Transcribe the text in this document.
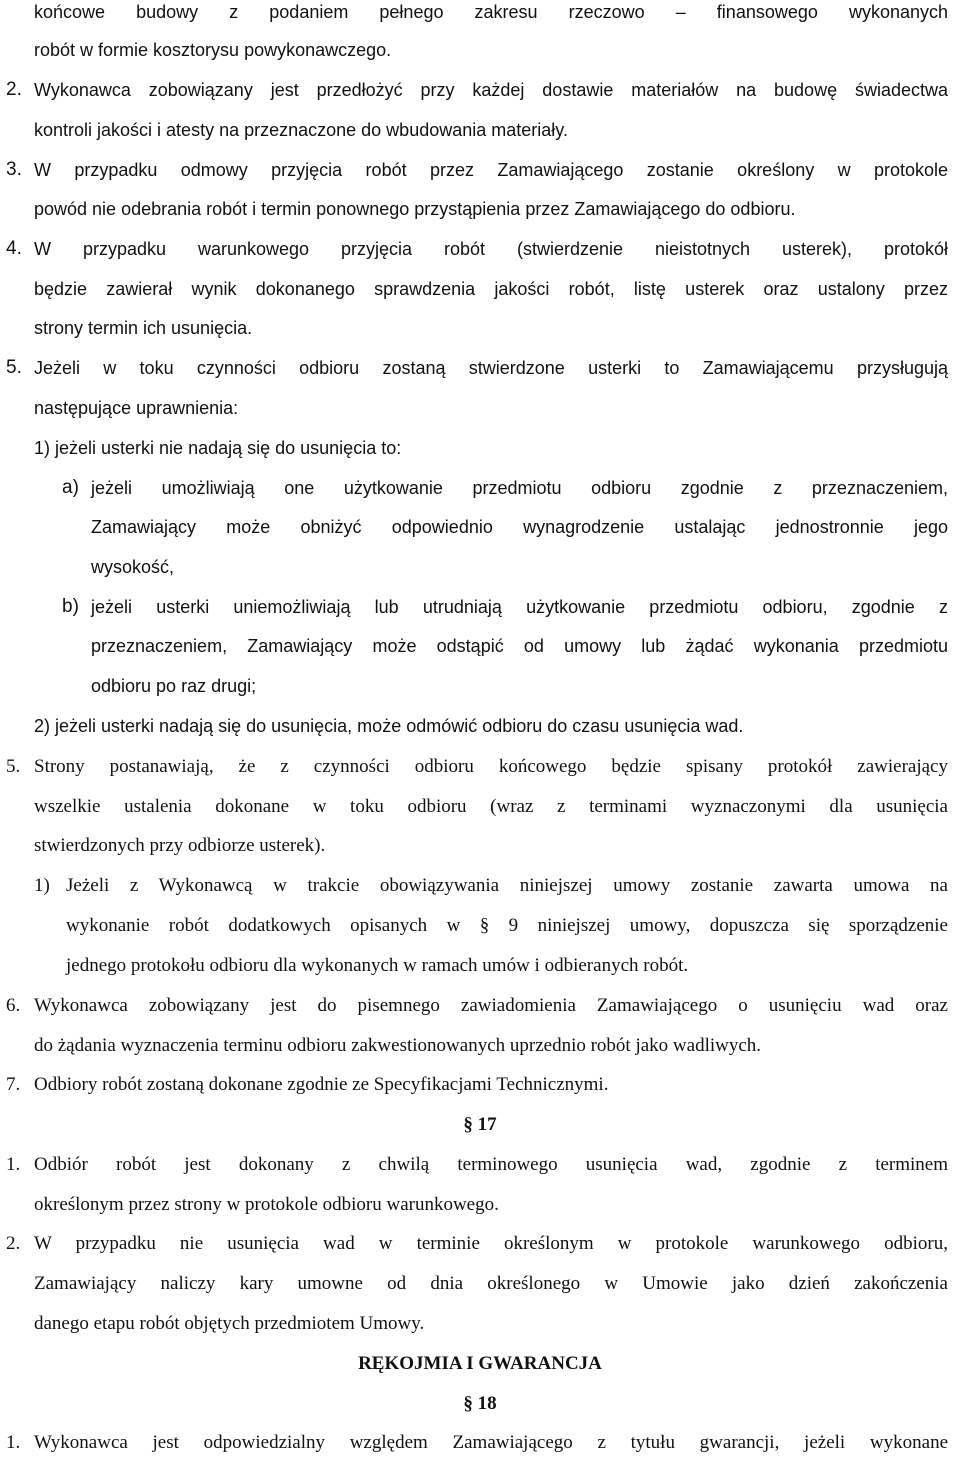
końcowe budowy z podaniem pełnego zakresu rzeczowo – finansowego wykonanych
robót w formie kosztorysu powykonawczego.
2. Wykonawca zobowiązany jest przedłożyć przy każdej dostawie materiałów na budowę świadectwa
kontroli jakości i atesty na przeznaczone do wbudowania materiały.
3. W przypadku odmowy przyjęcia robót przez Zamawiającego zostanie określony w protokole
powód nie odebrania robót i termin ponownego przystąpienia przez Zamawiającego do odbioru.
4. W przypadku warunkowego przyjęcia robót (stwierdzenie nieistotnych usterek), protokół
będzie zawierał wynik dokonanego sprawdzenia jakości robót, listę usterek oraz ustalony przez
strony termin ich usunięcia.
5. Jeżeli w toku czynności odbioru zostaną stwierdzone usterki to Zamawiającemu przysługują
następujące uprawnienia:
1) jeżeli usterki nie nadają się do usunięcia to:
a) jeżeli umożliwiają one użytkowanie przedmiotu odbioru zgodnie z przeznaczeniem,
Zamawiający może obniżyć odpowiednio wynagrodzenie ustalając jednostronnie jego
wysokość,
b) jeżeli usterki uniemożliwiają lub utrudniają użytkowanie przedmiotu odbioru, zgodnie z
przeznaczeniem, Zamawiający może odstąpić od umowy lub żądać wykonania przedmiotu
odbioru po raz drugi;
2) jeżeli usterki nadają się do usunięcia, może odmówić odbioru do czasu usunięcia wad.
5. Strony postanawiają, że z czynności odbioru końcowego będzie spisany protokół zawierający
wszelkie ustalenia dokonane w toku odbioru (wraz z terminami wyznaczonymi dla usunięcia
stwierdzonych przy odbiorze usterek).
1) Jeżeli z Wykonawcą w trakcie obowiązywania niniejszej umowy zostanie zawarta umowa na
wykonanie robót dodatkowych opisanych w § 9 niniejszej umowy, dopuszcza się sporządzenie
jednego protokołu odbioru dla wykonanych w ramach umów i odbieranych robót.
6. Wykonawca zobowiązany jest do pisemnego zawiadomienia Zamawiającego o usunięciu wad oraz
do żądania wyznaczenia terminu odbioru zakwestionowanych uprzednio robót jako wadliwych.
7. Odbiory robót zostaną dokonane zgodnie ze Specyfikacjami Technicznymi.
§ 17
1. Odbiór robót jest dokonany z chwilą terminowego usunięcia wad, zgodnie z terminem
określonym przez strony w protokole odbioru warunkowego.
2. W przypadku nie usunięcia wad w terminie określonym w protokole warunkowego odbioru,
Zamawiający naliczy kary umowne od dnia określonego w Umowie jako dzień zakończenia
danego etapu robót objętych przedmiotem Umowy.
RĘKOJMIA I GWARANCJA
§ 18
1. Wykonawca jest odpowiedzialny względem Zamawiającego z tytułu gwarancji, jeżeli wykonane
